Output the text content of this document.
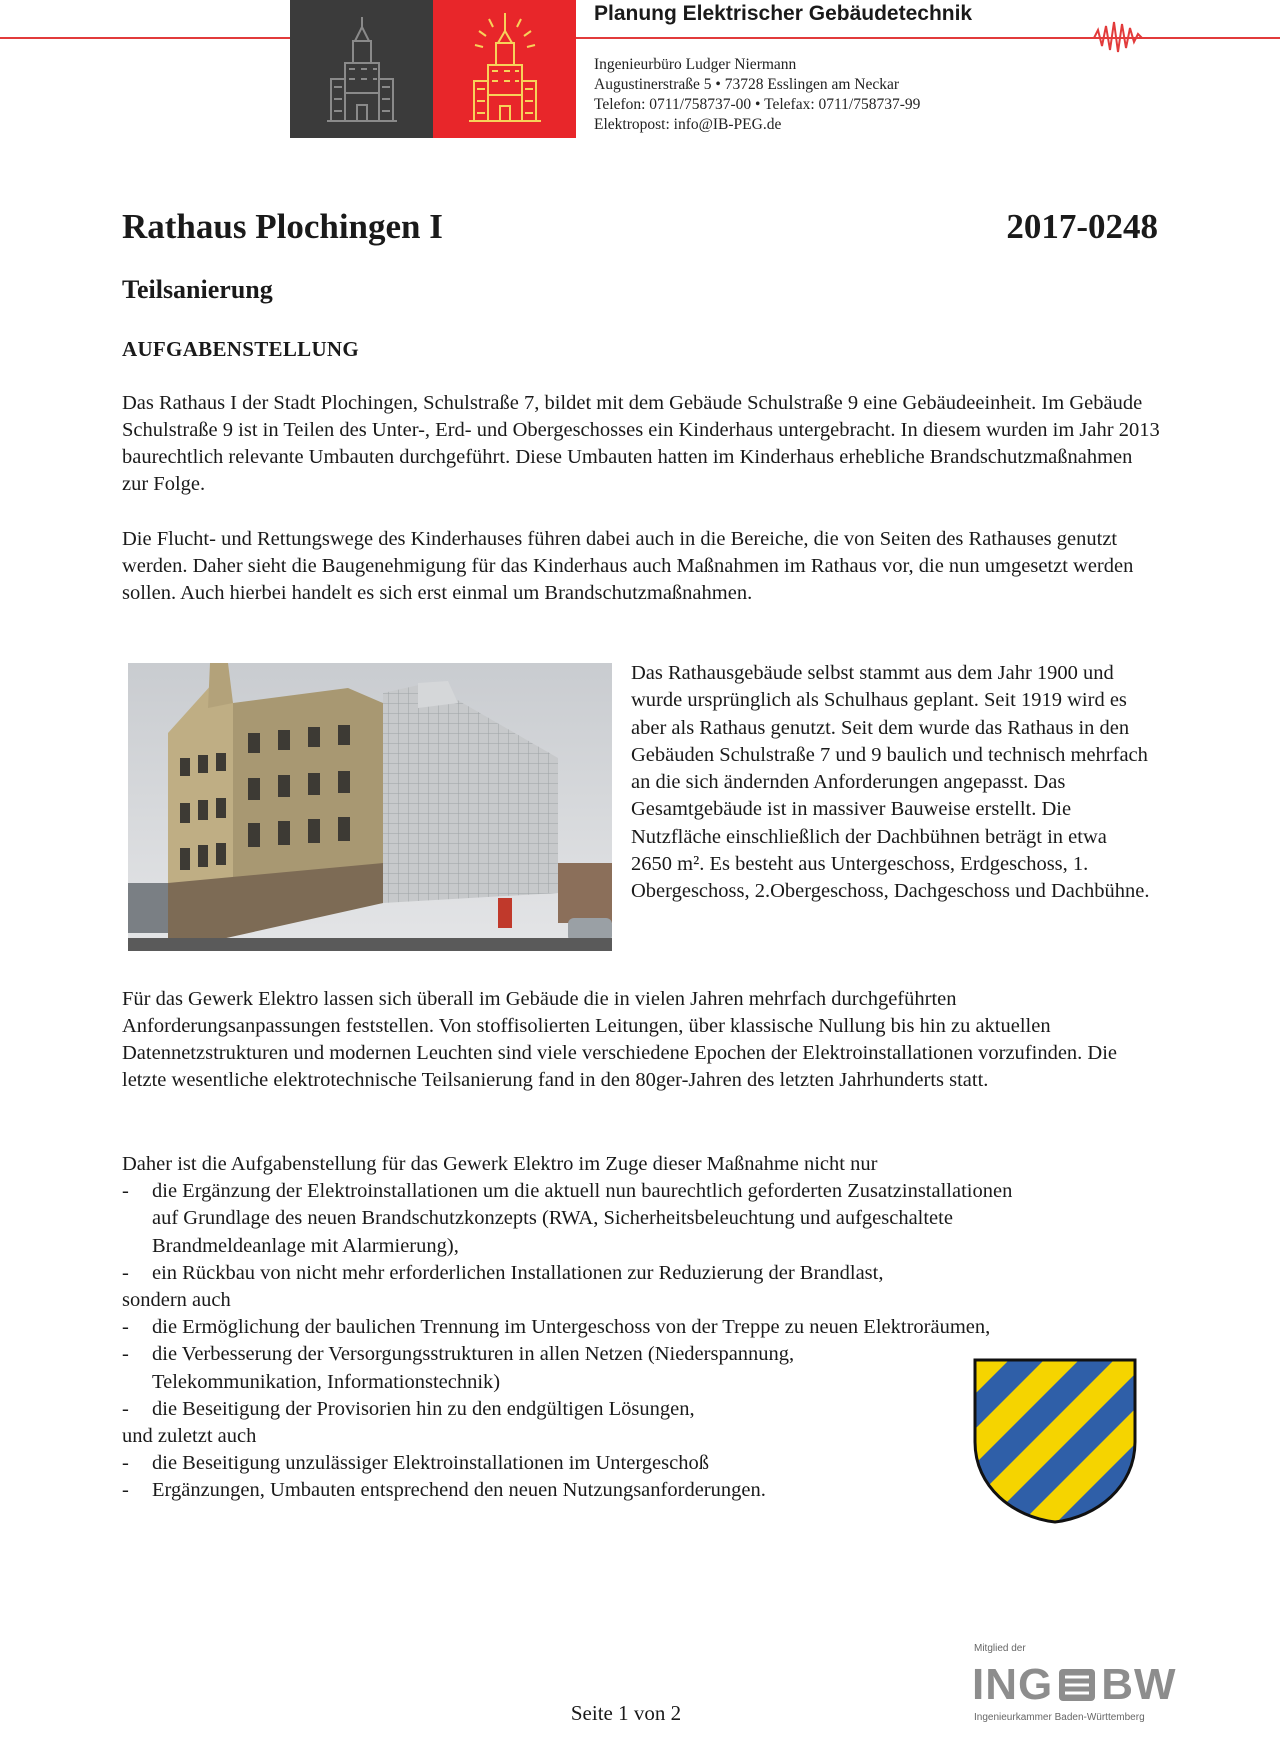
Planung Elektrischer Gebäudetechnik
Ingenieurbüro Ludger Niermann
Augustinerstraße 5 • 73728 Esslingen am Neckar
Telefon: 0711/758737-00 • Telefax: 0711/758737-99
Elektropost: info@IB-PEG.de
Rathaus Plochingen I	2017-0248
Teilsanierung
AUFGABENSTELLUNG

Das Rathaus I der Stadt Plochingen, Schulstraße 7, bildet mit dem Gebäude Schulstraße 9 eine Gebäudeeinheit. Im Gebäude Schulstraße 9 ist in Teilen des Unter-, Erd- und Obergeschosses ein Kinderhaus untergebracht. In diesem wurden im Jahr 2013 baurechtlich relevante Umbauten durchgeführt. Diese Umbauten hatten im Kinderhaus erhebliche Brandschutzmaßnahmen zur Folge.

Die Flucht- und Rettungswege des Kinderhauses führen dabei auch in die Bereiche, die von Seiten des Rathauses genutzt werden. Daher sieht die Baugenehmigung für das Kinderhaus auch Maßnahmen im Rathaus vor, die nun umgesetzt werden sollen. Auch hierbei handelt es sich erst einmal um Brandschutzmaßnahmen.

Das Rathausgebäude selbst stammt aus dem Jahr 1900 und wurde ursprünglich als Schulhaus geplant. Seit 1919 wird es aber als Rathaus genutzt. Seit dem wurde das Rathaus in den Gebäuden Schulstraße 7 und 9 baulich und technisch mehrfach an die sich ändernden Anforderungen angepasst. Das Gesamtgebäude ist in massiver Bauweise erstellt. Die Nutzfläche einschließlich der Dachbühnen beträgt in etwa 2650 m². Es besteht aus Untergeschoss, Erdgeschoss, 1. Obergeschoss, 2.Obergeschoss, Dachgeschoss und Dachbühne.

Für das Gewerk Elektro lassen sich überall im Gebäude die in vielen Jahren mehrfach durchgeführten Anforderungsanpassungen feststellen. Von stoffisolierten Leitungen, über klassische Nullung bis hin zu aktuellen Datennetzstrukturen und modernen Leuchten sind viele verschiedene Epochen der Elektroinstallationen vorzufinden. Die letzte wesentliche elektrotechnische Teilsanierung fand in den 80ger-Jahren des letzten Jahrhunderts statt.

Daher ist die Aufgabenstellung für das Gewerk Elektro im Zuge dieser Maßnahme nicht nur
-	die Ergänzung der Elektroinstallationen um die aktuell nun baurechtlich geforderten Zusatzinstallationen
auf Grundlage des neuen Brandschutzkonzepts (RWA, Sicherheitsbeleuchtung und aufgeschaltete
Brandmeldeanlage mit Alarmierung),
-	ein Rückbau von nicht mehr erforderlichen Installationen zur Reduzierung der Brandlast,
sondern auch
-	die Ermöglichung der baulichen Trennung im Untergeschoss von der Treppe zu neuen Elektroräumen,
-	die Verbesserung der Versorgungsstrukturen in allen Netzen (Niederspannung,
Telekommunikation, Informationstechnik)
-	die Beseitigung der Provisorien hin zu den endgültigen Lösungen,
und zuletzt auch
-	die Beseitigung unzulässiger Elektroinstallationen im Untergeschoß
-	Ergänzungen, Umbauten entsprechend den neuen Nutzungsanforderungen.
Seite 1 von 2
Mitglied der
ING BW
Ingenieurkammer Baden-Württemberg
